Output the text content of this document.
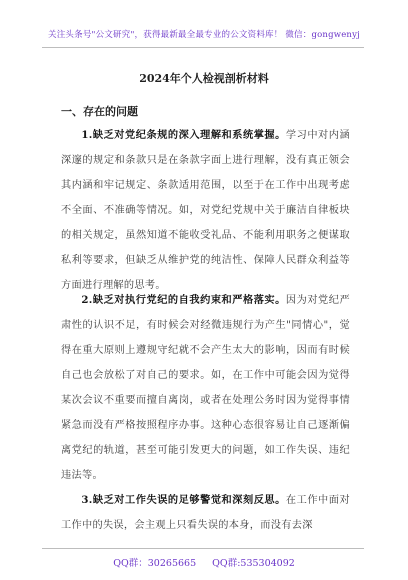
关注头条号"公文研究"，获得最新最全最专业的公文资料库！ 微信：gongwenyj
2024年个人检视剖析材料
一、存在的问题
1.缺乏对党纪条规的深入理解和系统掌握。学习中对内涵深邃的规定和条款只是在条款字面上进行理解，没有真正领会其内涵和牢记规定、条款适用范围，以至于在工作中出现考虑不全面、不准确等情况。如，对党纪党规中关于廉洁自律板块的相关规定，虽然知道不能收受礼品、不能利用职务之便谋取私利等要求，但缺乏从维护党的纯洁性、保障人民群众利益等方面进行理解的思考。
2.缺乏对执行党纪的自我约束和严格落实。因为对党纪严肃性的认识不足，有时候会对经微违规行为产生"同情心"，觉得在重大原则上遵规守纪就不会产生太大的影响，因而有时候自己也会放松了对自己的要求。如，在工作中可能会因为觉得某次会议不重要而擅自离岗，或者在处理公务时因为觉得事情紧急而没有严格按照程序办事。这种心态很容易让自己逐渐偏离党纪的轨道，甚至可能引发更大的问题，如工作失误、违纪违法等。
3.缺乏对工作失误的足够警觉和深刻反思。在工作中面对工作中的失误，会主观上只看失误的本身，而没有去深
QQ群：30265665 QQ群:535304092
